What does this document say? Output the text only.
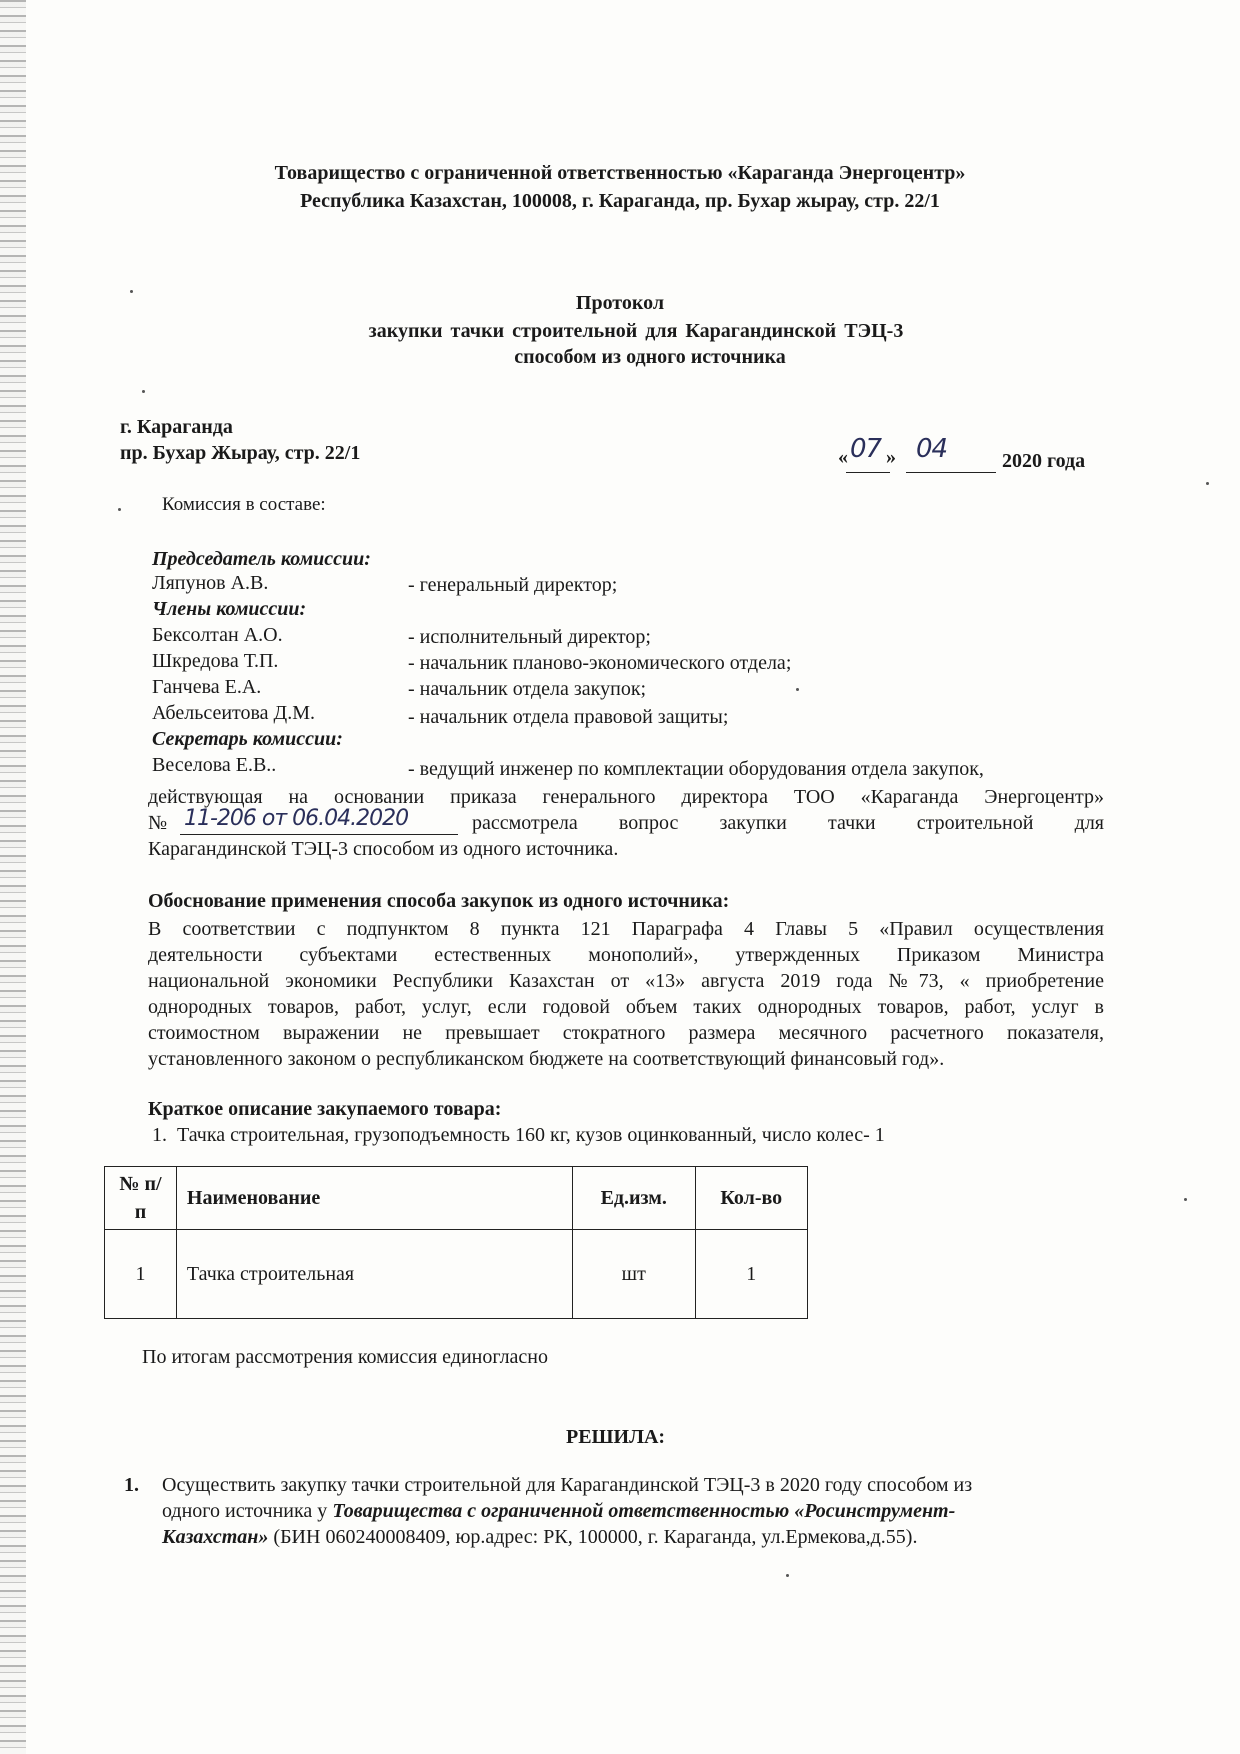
Товарищество с ограниченной ответственностью «Караганда Энергоцентр»
Республика Казахстан, 100008, г. Караганда, пр. Бухар жырау, стр. 22/1
Протокол
закупки тачки строительной для Карагандинской ТЭЦ-3
способом из одного источника
г. Караганда
пр. Бухар Жырау, стр. 22/1	« 07 » 04	2020 года
Комиссия в составе:
Председатель комиссии:
Ляпунов А.В.	- генеральный директор;
Члены комиссии:
Бексолтан А.О.	- исполнительный директор;
Шкредова Т.П.	- начальник планово-экономического отдела;
Ганчева Е.А.	- начальник отдела закупок;
Абельсеитова Д.М.	- начальник отдела правовой защиты;
Секретарь комиссии:
Веселова Е.В..	- ведущий инженер по комплектации оборудования отдела закупок,
действующая на основании приказа генерального директора ТОО «Караганда Энергоцентр»
№ 11-206 от 06.04.2020	рассмотрела вопрос закупки тачки строительной для
Карагандинской ТЭЦ-3 способом из одного источника.
Обоснование применения способа закупок из одного источника:
В соответствии с подпунктом 8 пункта 121 Параграфа 4 Главы 5 «Правил осуществления
деятельности субъектами естественных монополий», утвержденных Приказом Министра
национальной экономики Республики Казахстан от «13» августа 2019 года №73, « приобретение
однородных товаров, работ, услуг, если годовой объем таких однородных товаров, работ, услуг в
стоимостном выражении не превышает стократного размера месячного расчетного показателя,
установленного законом о республиканском бюджете на соответствующий финансовый год».
Краткое описание закупаемого товара:
1.  Тачка строительная, грузоподъемность 160 кг, кузов оцинкованный, число колес- 1
№ п/п	Наименование	Ед.изм.	Кол-во
1	Тачка строительная	шт	1
По итогам рассмотрения комиссия единогласно
РЕШИЛА:
1. Осуществить закупку тачки строительной для Карагандинской ТЭЦ-3 в 2020 году способом из
одного источника у Товарищества с ограниченной ответственностью «Росинструмент-
Казахстан» (БИН 060240008409, юр.адрес: РК, 100000, г. Караганда, ул.Ермекова,д.55).
